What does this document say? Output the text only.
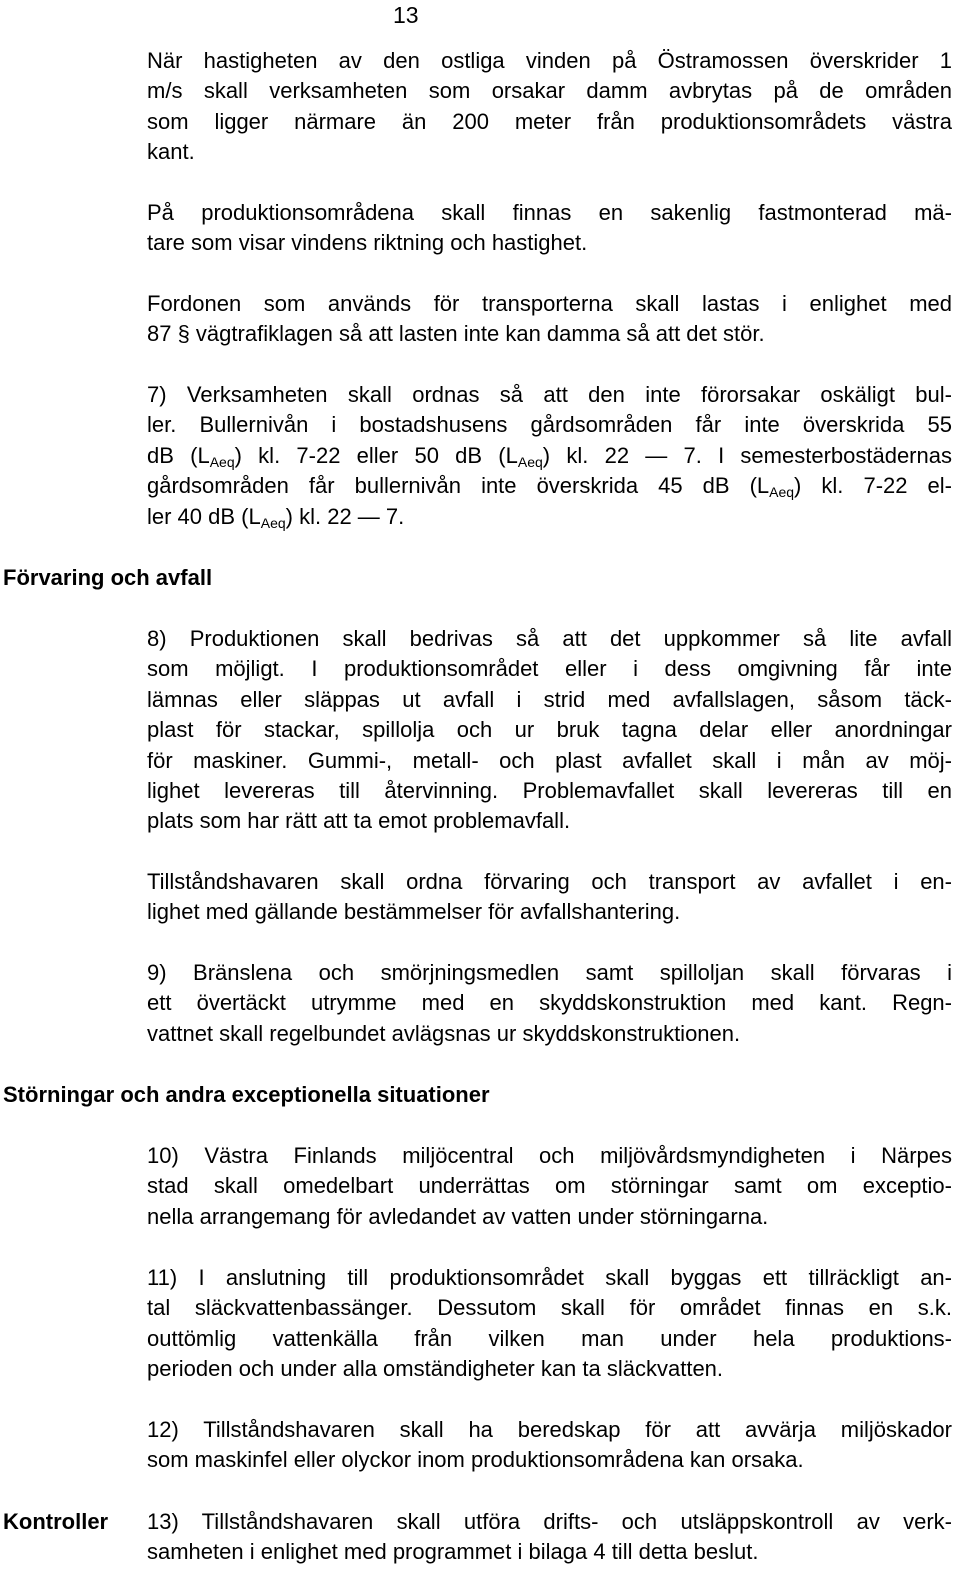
13
När hastigheten av den ostliga vinden på Östramossen överskrider 1
m/s skall verksamheten som orsakar damm avbrytas på de områden
som ligger närmare än 200 meter från produktionsområdets västra
kant.
På produktionsområdena skall finnas en sakenlig fastmonterad mä-
tare som visar vindens riktning och hastighet.
Fordonen som används för transporterna skall lastas i enlighet med
87 § vägtrafiklagen så att lasten inte kan damma så att det stör.
7) Verksamheten skall ordnas så att den inte förorsakar oskäligt bul-
ler. Bullernivån i bostadshusens gårdsområden får inte överskrida 55
dB $(L_{Aeq})$ kl. 7-22 eller 50 dB $(L_{Aeq})$ kl. 22 — 7. I semesterbostädernas
gårdsområden får bullernivån inte överskrida 45 dB $(L_{Aeq})$ kl. 7-22 el-
ler 40 dB $(L_{Aeq})$ kl. 22 — 7.
Förvaring och avfall
8) Produktionen skall bedrivas så att det uppkommer så lite avfall
som möjligt. I produktionsområdet eller i dess omgivning får inte
lämnas eller släppas ut avfall i strid med avfallslagen, såsom täck-
plast för stackar, spillolja och ur bruk tagna delar eller anordningar
för maskiner. Gummi-, metall- och plast avfallet skall i mån av möj-
lighet levereras till återvinning. Problemavfallet skall levereras till en
plats som har rätt att ta emot problemavfall.
Tillståndshavaren skall ordna förvaring och transport av avfallet i en-
lighet med gällande bestämmelser för avfallshantering.
9) Bränslena och smörjningsmedlen samt spilloljan skall förvaras i
ett övertäckt utrymme med en skyddskonstruktion med kant. Regn-
vattnet skall regelbundet avlägsnas ur skyddskonstruktionen.
Störningar och andra exceptionella situationer
10) Västra Finlands miljöcentral och miljövårdsmyndigheten i Närpes
stad skall omedelbart underrättas om störningar samt om exceptio-
nella arrangemang för avledandet av vatten under störningarna.
11) I anslutning till produktionsområdet skall byggas ett tillräckligt an-
tal släckvattenbassänger. Dessutom skall för området finnas en s.k.
outtömlig vattenkälla från vilken man under hela produktions-
perioden och under alla omständigheter kan ta släckvatten.
12) Tillståndshavaren skall ha beredskap för att avvärja miljöskador
som maskinfel eller olyckor inom produktionsområdena kan orsaka.
Kontroller 13) Tillståndshavaren skall utföra drifts- och utsläppskontroll av verk-
samheten i enlighet med programmet i bilaga 4 till detta beslut.
